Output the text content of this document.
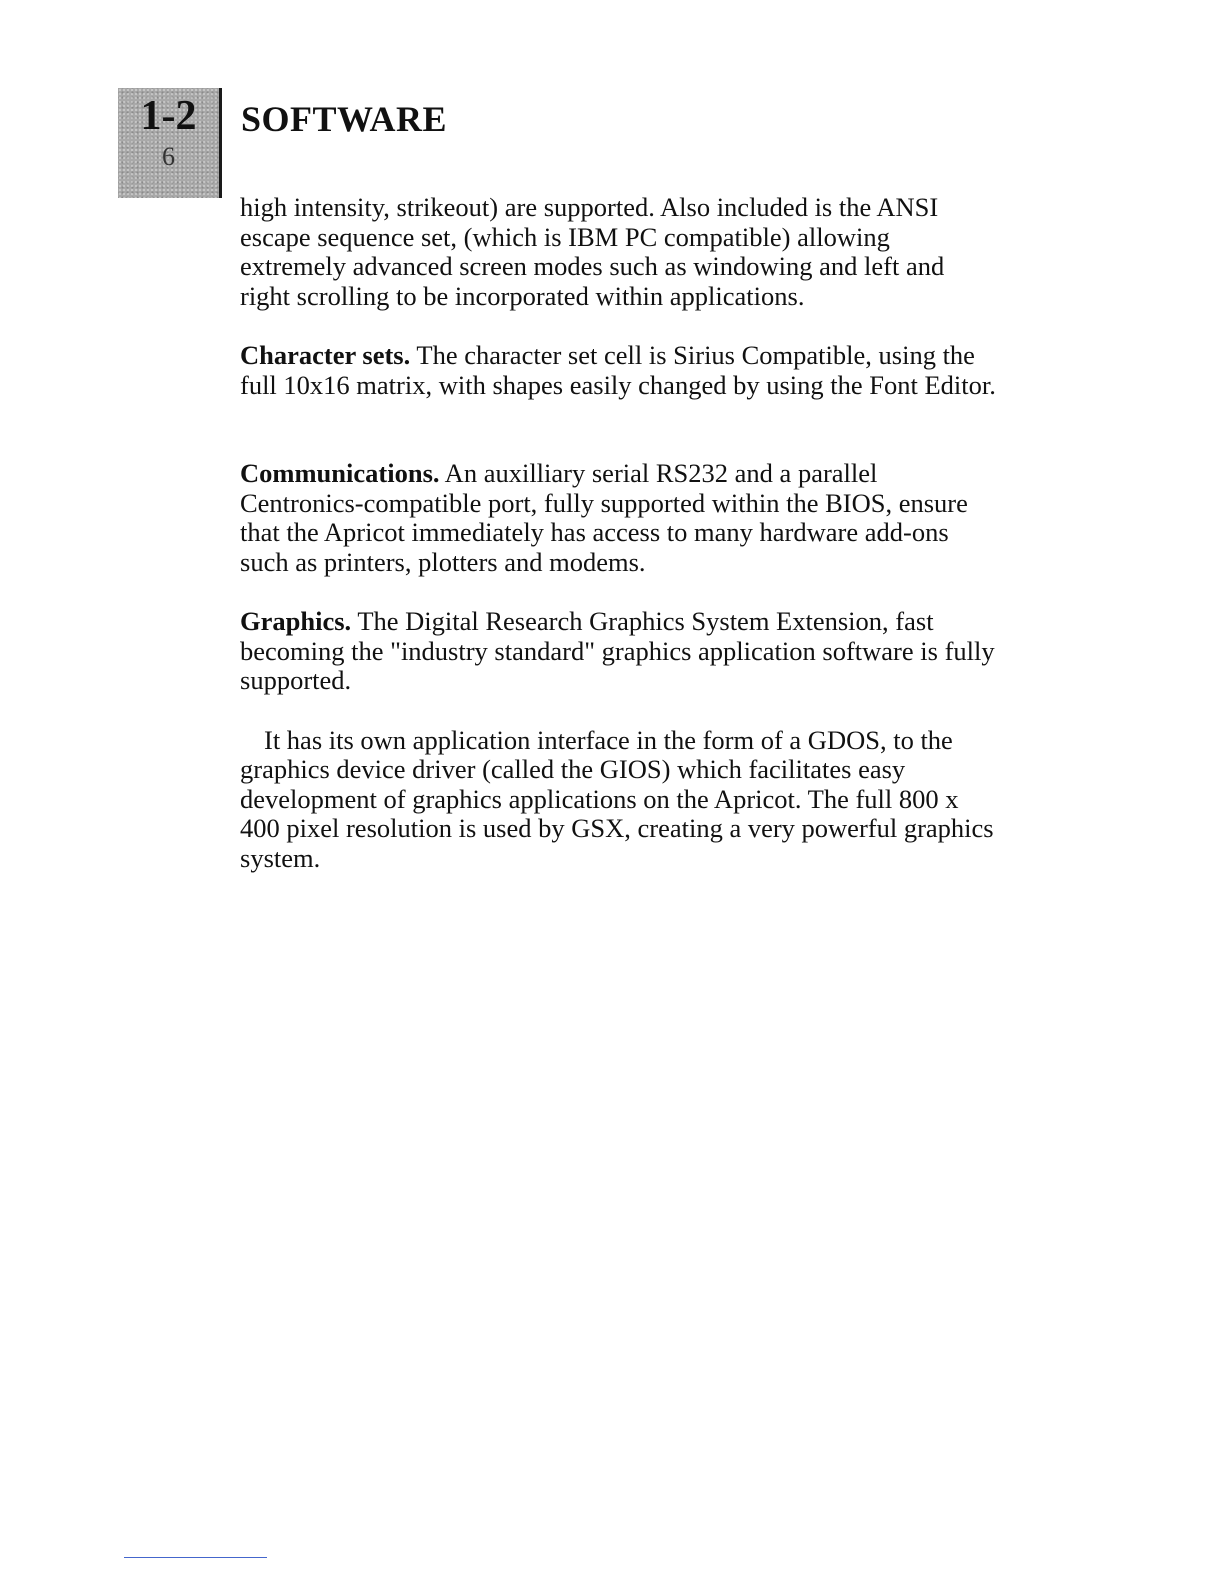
1-2
6
SOFTWARE

high intensity, strikeout) are supported. Also included is the ANSI escape sequence set, (which is IBM PC compatible) allowing extremely advanced screen modes such as windowing and left and right scrolling to be incorporated within applications.

Character sets. The character set cell is Sirius Compatible, using the full 10x16 matrix, with shapes easily changed by using the Font Editor.

Communications. An auxilliary serial RS232 and a parallel Centronics-compatible port, fully supported within the BIOS, ensure that the Apricot immediately has access to many hardware add-ons such as printers, plotters and modems.

Graphics. The Digital Research Graphics System Extension, fast becoming the "industry standard" graphics application software is fully supported.

It has its own application interface in the form of a GDOS, to the graphics device driver (called the GIOS) which facilitates easy development of graphics applications on the Apricot. The full 800 x 400 pixel resolution is used by GSX, creating a very powerful graphics system.
